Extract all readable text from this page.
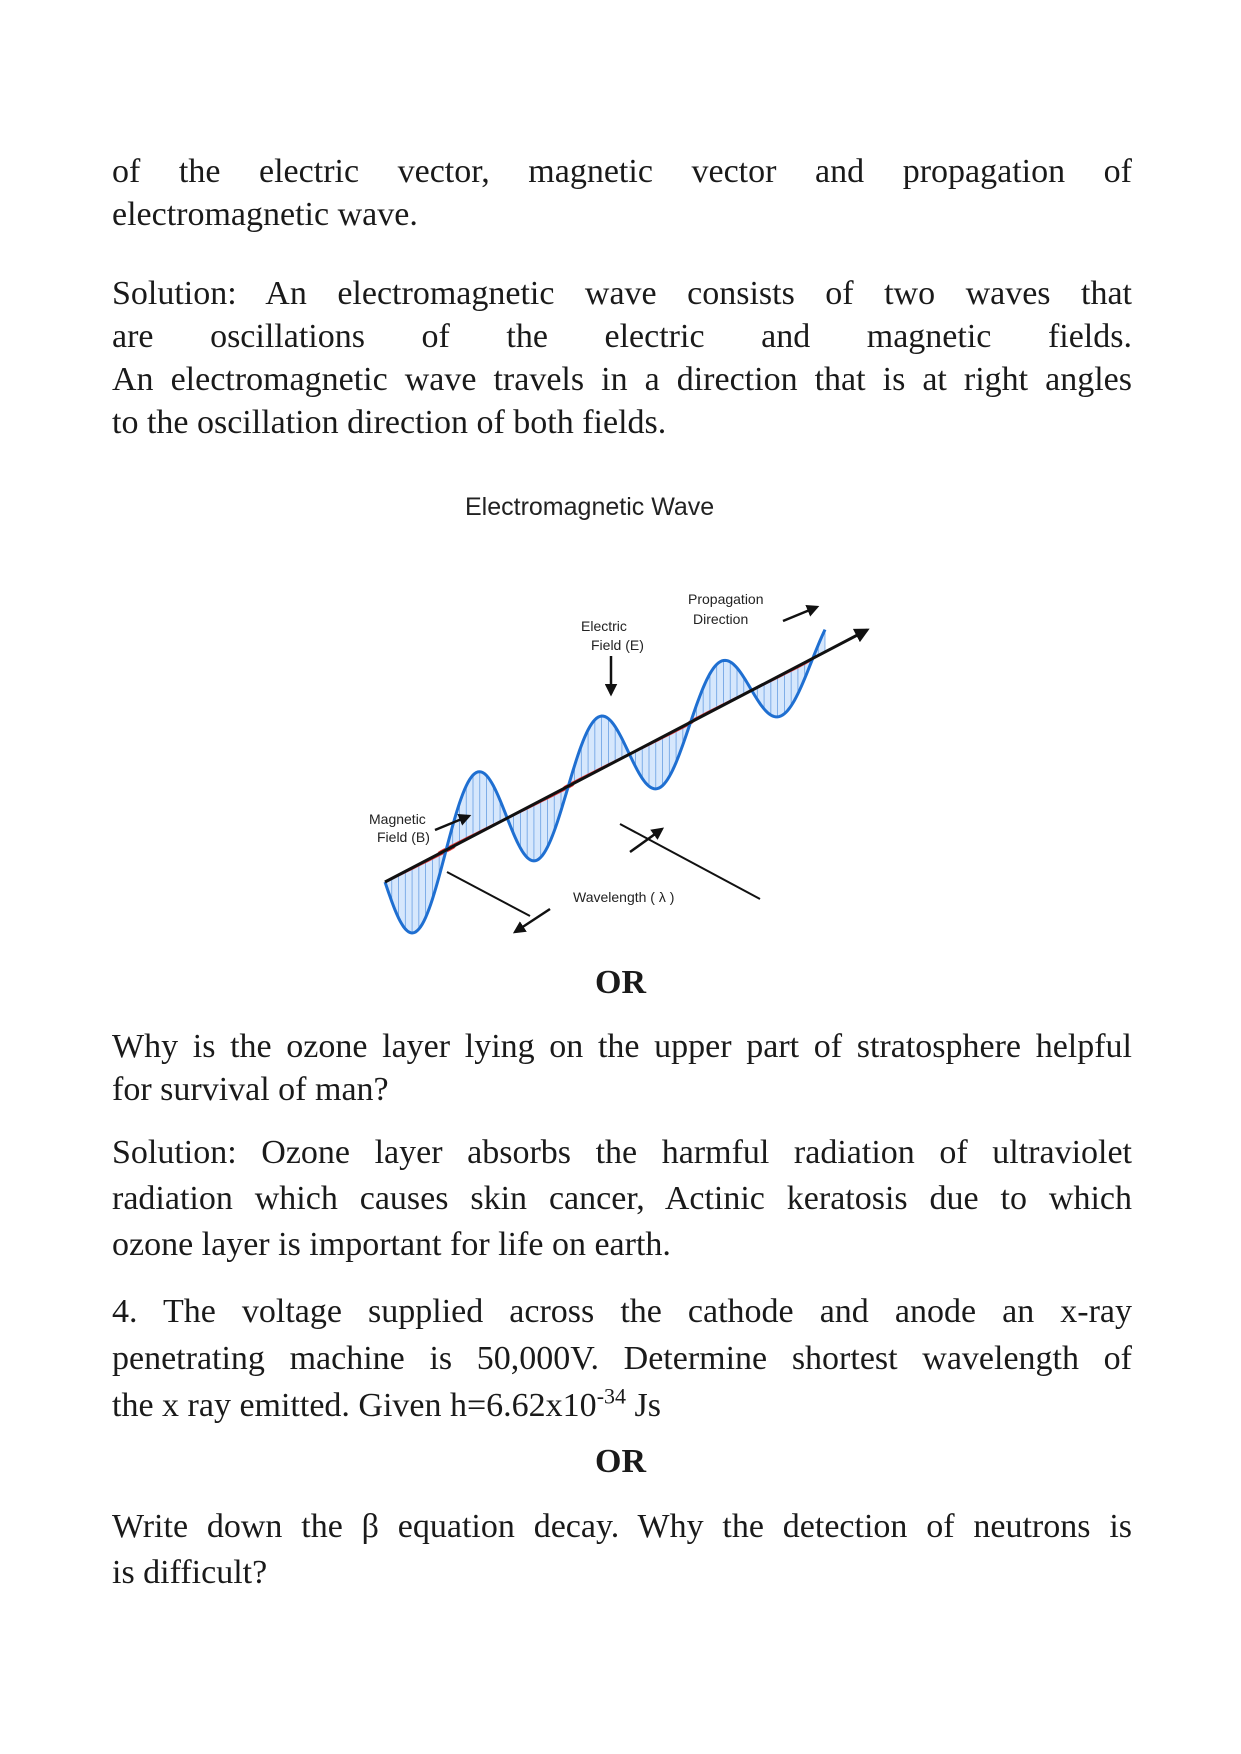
of the electric vector, magnetic vector and propagation of
electromagnetic wave.
Solution: An electromagnetic wave consists of two waves that
are oscillations of the electric and magnetic fields.
An electromagnetic wave travels in a direction that is at right angles
to the oscillation direction of both fields.
Electromagnetic Wave
Propagation
Direction
Electric
Field (E)
Magnetic
Field (B)
Wavelength ( λ )
OR
Why is the ozone layer lying on the upper part of stratosphere helpful
for survival of man?
Solution: Ozone layer absorbs the harmful radiation of ultraviolet
radiation which causes skin cancer, Actinic keratosis due to which
ozone layer is important for life on earth.
4. The voltage supplied across the cathode and anode an x-ray
penetrating machine is 50,000V. Determine shortest wavelength of
the x ray emitted. Given $h=6.62x10^{-34}$ Js
OR
Write down the β equation decay. Why the detection of neutrons is
is difficult?
